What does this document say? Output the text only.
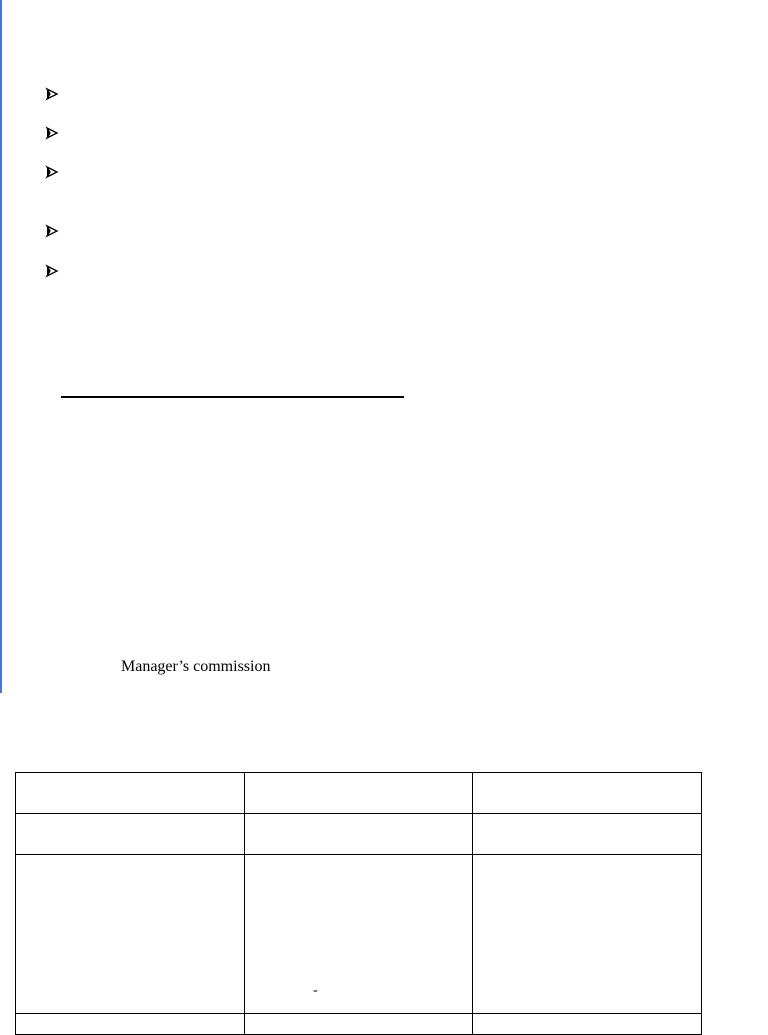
Manager’s commission

	-	
